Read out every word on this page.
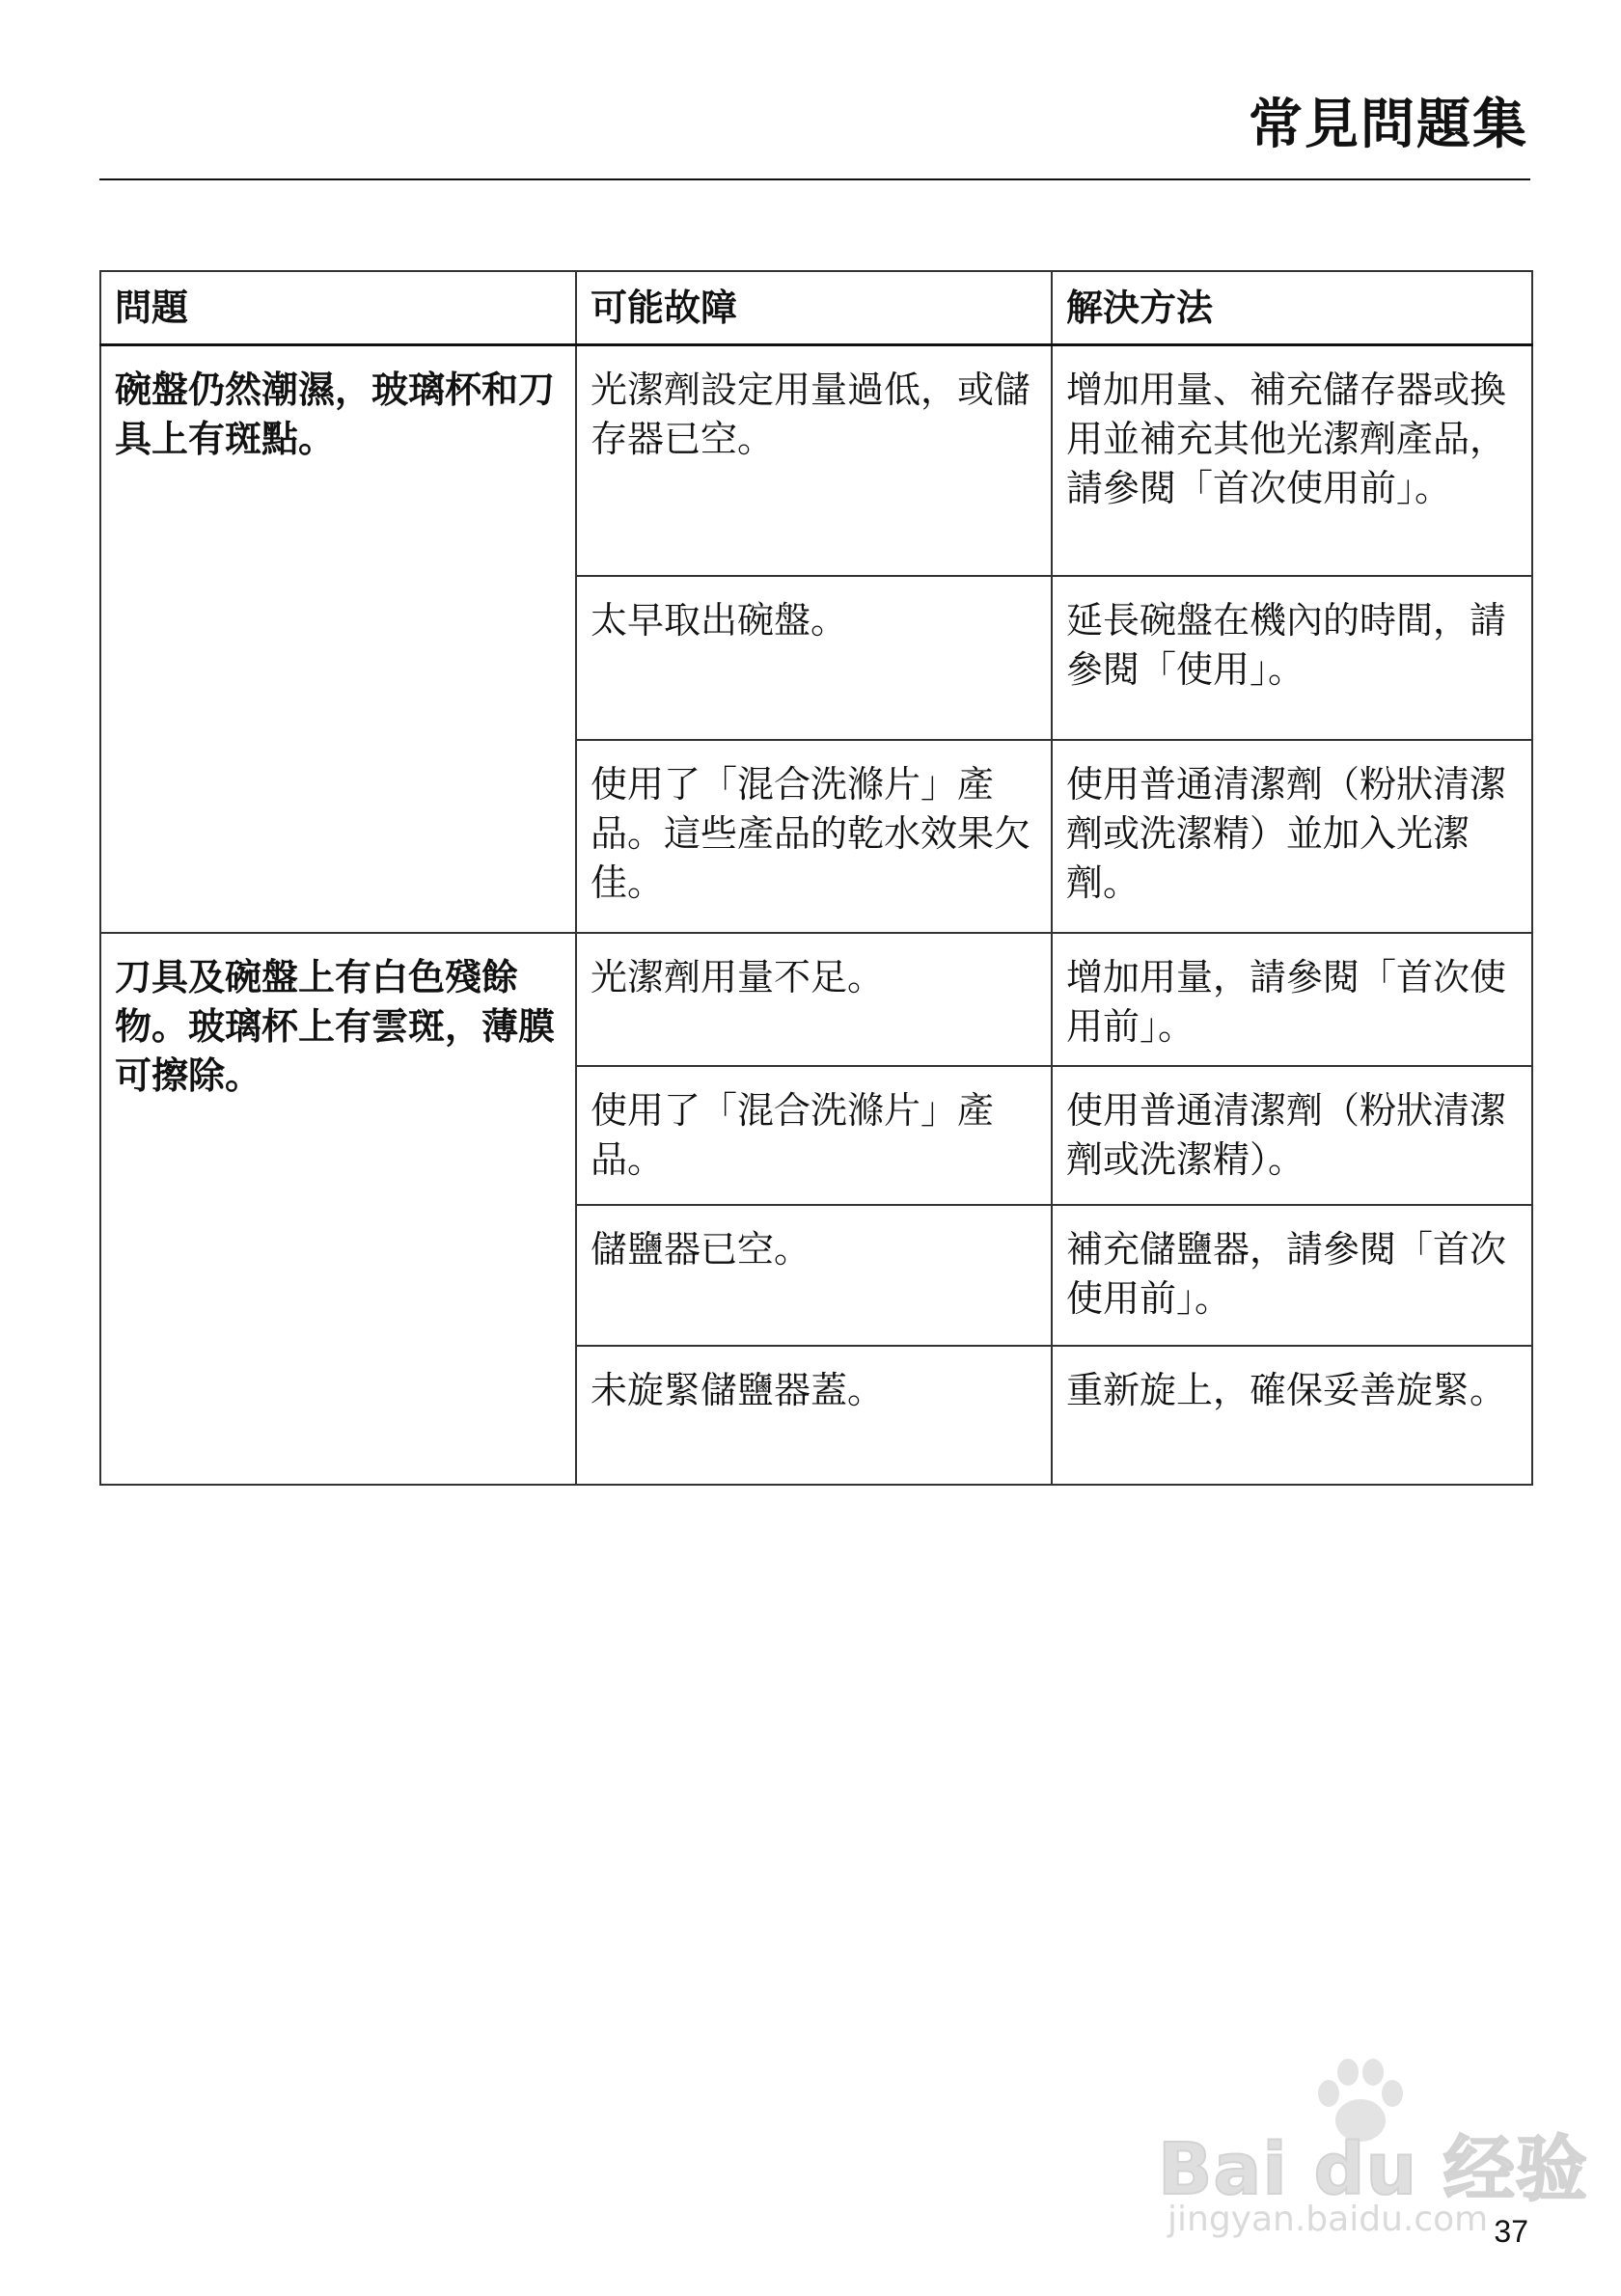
常見問題集
問題	可能故障	解決方法
碗盤仍然潮濕，玻璃杯和刀具上有斑點。	光潔劑設定用量過低，或儲存器已空。	增加用量、補充儲存器或換用並補充其他光潔劑產品，請參閱「首次使用前」。
	太早取出碗盤。	延長碗盤在機內的時間，請參閱「使用」。
	使用了「混合洗滌片」產品。這些產品的乾水效果欠佳。	使用普通清潔劑（粉狀清潔劑或洗潔精）並加入光潔劑。
刀具及碗盤上有白色殘餘物。玻璃杯上有雲斑，薄膜可擦除。	光潔劑用量不足。	增加用量，請參閱「首次使用前」。
	使用了「混合洗滌片」產品。	使用普通清潔劑（粉狀清潔劑或洗潔精）。
	儲鹽器已空。	補充儲鹽器，請參閱「首次使用前」。
	未旋緊儲鹽器蓋。	重新旋上，確保妥善旋緊。
Bai du 经验
jingyan.baidu.com 37
